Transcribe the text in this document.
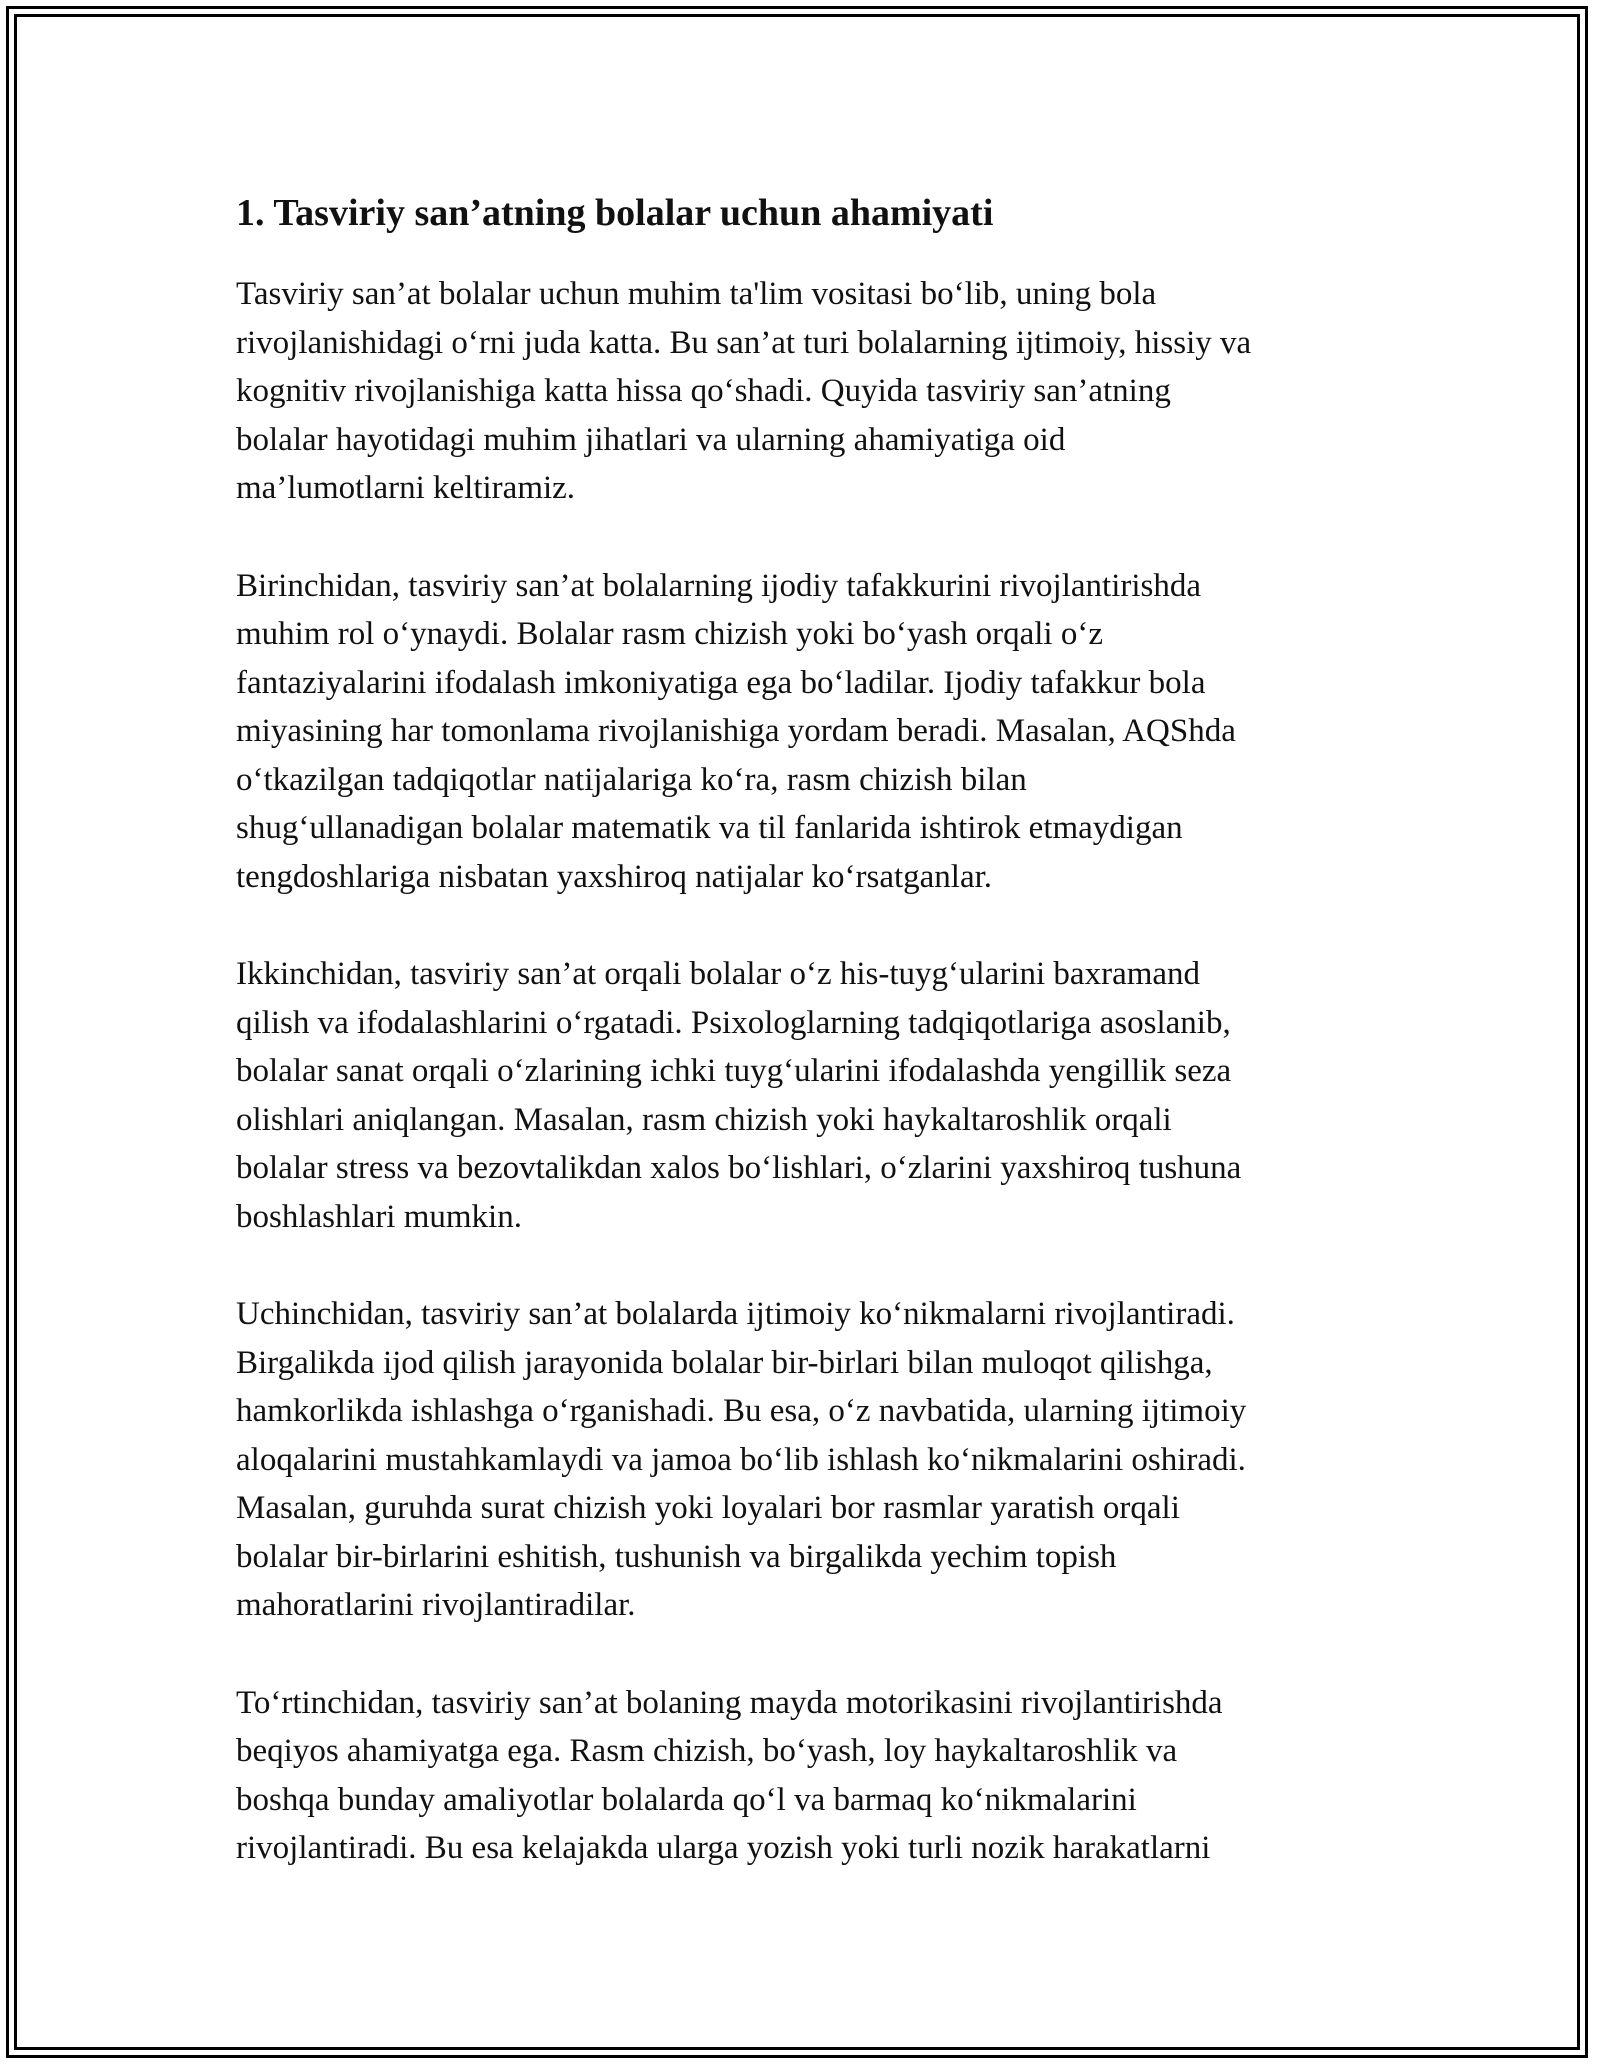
1. Tasviriy san’atning bolalar uchun ahamiyati

Tasviriy san’at bolalar uchun muhim ta'lim vositasi bo‘lib, uning bola
rivojlanishidagi o‘rni juda katta. Bu san’at turi bolalarning ijtimoiy, hissiy va
kognitiv rivojlanishiga katta hissa qo‘shadi. Quyida tasviriy san’atning
bolalar hayotidagi muhim jihatlari va ularning ahamiyatiga oid
ma’lumotlarni keltiramiz.

Birinchidan, tasviriy san’at bolalarning ijodiy tafakkurini rivojlantirishda
muhim rol o‘ynaydi. Bolalar rasm chizish yoki bo‘yash orqali o‘z
fantaziyalarini ifodalash imkoniyatiga ega bo‘ladilar. Ijodiy tafakkur bola
miyasining har tomonlama rivojlanishiga yordam beradi. Masalan, AQShda
o‘tkazilgan tadqiqotlar natijalariga ko‘ra, rasm chizish bilan
shug‘ullanadigan bolalar matematik va til fanlarida ishtirok etmaydigan
tengdoshlariga nisbatan yaxshiroq natijalar ko‘rsatganlar.

Ikkinchidan, tasviriy san’at orqali bolalar o‘z his-tuyg‘ularini baxramand
qilish va ifodalashlarini o‘rgatadi. Psixologlarning tadqiqotlariga asoslanib,
bolalar sanat orqali o‘zlarining ichki tuyg‘ularini ifodalashda yengillik seza
olishlari aniqlangan. Masalan, rasm chizish yoki haykaltaroshlik orqali
bolalar stress va bezovtalikdan xalos bo‘lishlari, o‘zlarini yaxshiroq tushuna
boshlashlari mumkin.

Uchinchidan, tasviriy san’at bolalarda ijtimoiy ko‘nikmalarni rivojlantiradi.
Birgalikda ijod qilish jarayonida bolalar bir-birlari bilan muloqot qilishga,
hamkorlikda ishlashga o‘rganishadi. Bu esa, o‘z navbatida, ularning ijtimoiy
aloqalarini mustahkamlaydi va jamoa bo‘lib ishlash ko‘nikmalarini oshiradi.
Masalan, guruhda surat chizish yoki loyalari bor rasmlar yaratish orqali
bolalar bir-birlarini eshitish, tushunish va birgalikda yechim topish
mahoratlarini rivojlantiradilar.

To‘rtinchidan, tasviriy san’at bolaning mayda motorikasini rivojlantirishda
beqiyos ahamiyatga ega. Rasm chizish, bo‘yash, loy haykaltaroshlik va
boshqa bunday amaliyotlar bolalarda qo‘l va barmaq ko‘nikmalarini
rivojlantiradi. Bu esa kelajakda ularga yozish yoki turli nozik harakatlarni
